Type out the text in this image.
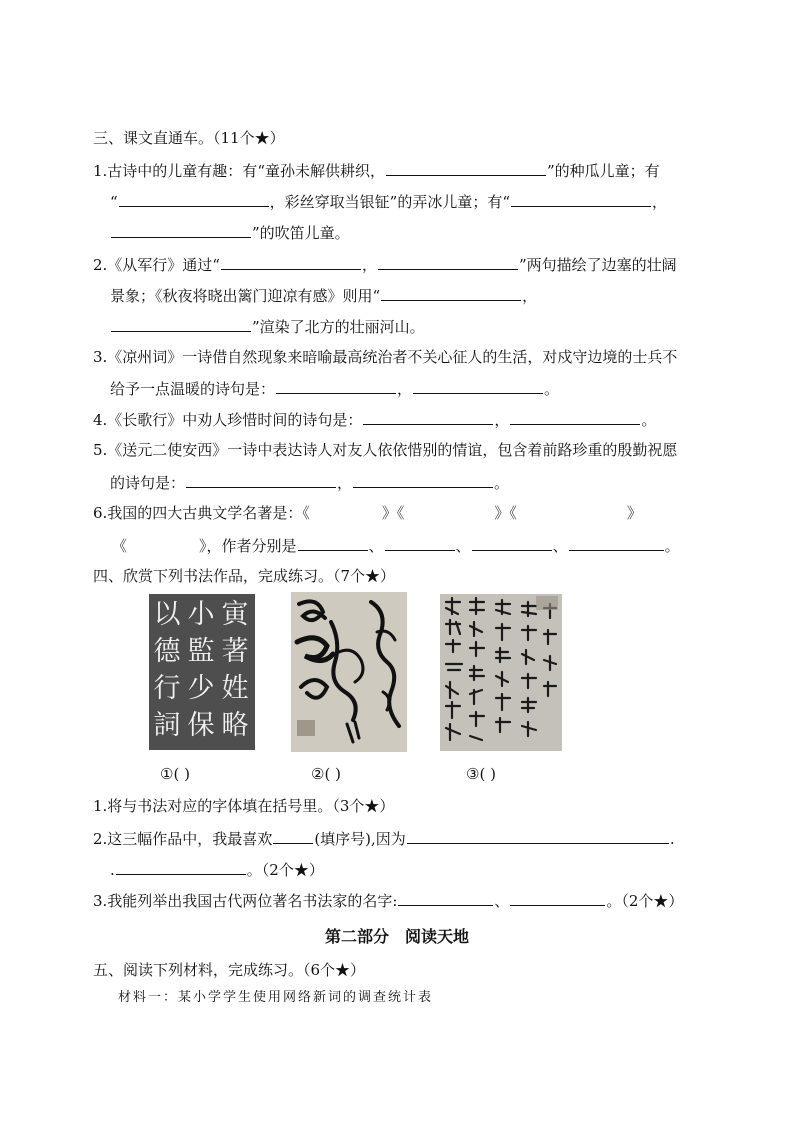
三、课文直通车。（11个★）
1.古诗中的儿童有趣：有“童孙未解供耕织，	”的种瓜儿童；有
“	，彩丝穿取当银钲”的弄冰儿童；有“	，
”的吹笛儿童。
2.《从军行》通过“	，	”两句描绘了边塞的壮阔
景象；《秋夜将晓出篱门迎凉有感》则用“	，
”渲染了北方的壮丽河山。
3.《凉州词》一诗借自然现象来暗喻最高统治者不关心征人的生活，对戍守边境的士兵不
给予一点温暖的诗句是：	，	。
4.《长歌行》中劝人珍惜时间的诗句是：	，	。
5.《送元二使安西》一诗中表达诗人对友人依依惜别的情谊，包含着前路珍重的殷勤祝愿
的诗句是：	，	。
6.我国的四大古典文学名著是：《	》《	》《	》
《	》，作者分别是	、	、	、	。
四、欣赏下列书法作品，完成练习。（7个★）
以德行詞
小監少保
寅著姓略
①( )	②( )	③( )
1.将与书法对应的字体填在括号里。（3个★）
2.这三幅作品中，我最喜欢	(填序号),因为	.
.	。（2个★）
3.我能列举出我国古代两位著名书法家的名字:	、	。（2个★）
第二部分　阅读天地
五、阅读下列材料，完成练习。（6个★）
材料一：某小学学生使用网络新词的调查统计表
